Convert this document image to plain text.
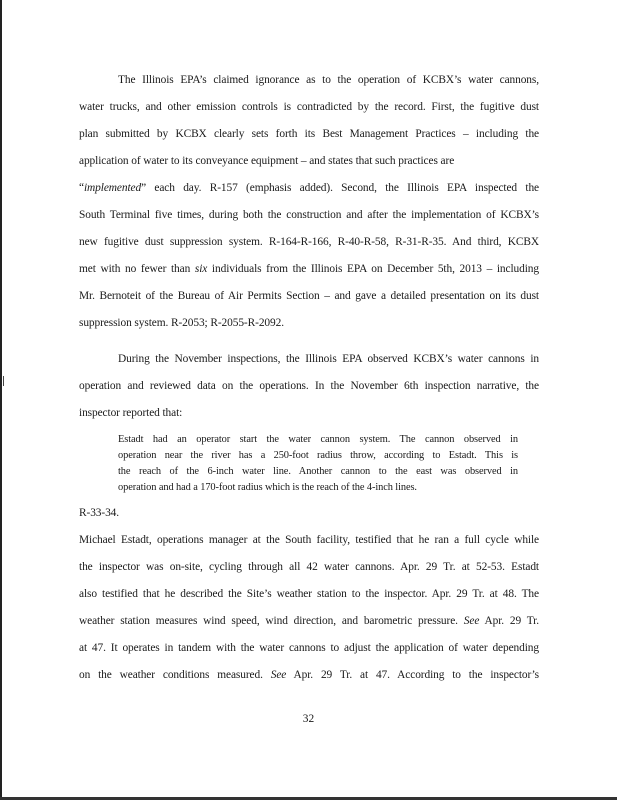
The Illinois EPA’s claimed ignorance as to the operation of KCBX’s water cannons,
water trucks, and other emission controls is contradicted by the record. First, the fugitive dust
plan submitted by KCBX clearly sets forth its Best Management Practices – including the
application of water to its conveyance equipment – and states that such practices are
“implemented” each day. R-157 (emphasis added). Second, the Illinois EPA inspected the
South Terminal five times, during both the construction and after the implementation of KCBX’s
new fugitive dust suppression system. R-164-R-166, R-40-R-58, R-31-R-35. And third, KCBX
met with no fewer than six individuals from the Illinois EPA on December 5th, 2013 – including
Mr. Bernoteit of the Bureau of Air Permits Section – and gave a detailed presentation on its dust
suppression system. R-2053; R-2055-R-2092.
During the November inspections, the Illinois EPA observed KCBX’s water cannons in
operation and reviewed data on the operations. In the November 6th inspection narrative, the
inspector reported that:
Estadt had an operator start the water cannon system. The cannon observed in
operation near the river has a 250-foot radius throw, according to Estadt. This is
the reach of the 6-inch water line. Another cannon to the east was observed in
operation and had a 170-foot radius which is the reach of the 4-inch lines.
R-33-34.
Michael Estadt, operations manager at the South facility, testified that he ran a full cycle while
the inspector was on-site, cycling through all 42 water cannons. Apr. 29 Tr. at 52-53. Estadt
also testified that he described the Site’s weather station to the inspector. Apr. 29 Tr. at 48. The
weather station measures wind speed, wind direction, and barometric pressure. See Apr. 29 Tr.
at 47. It operates in tandem with the water cannons to adjust the application of water depending
on the weather conditions measured. See Apr. 29 Tr. at 47. According to the inspector’s
32
